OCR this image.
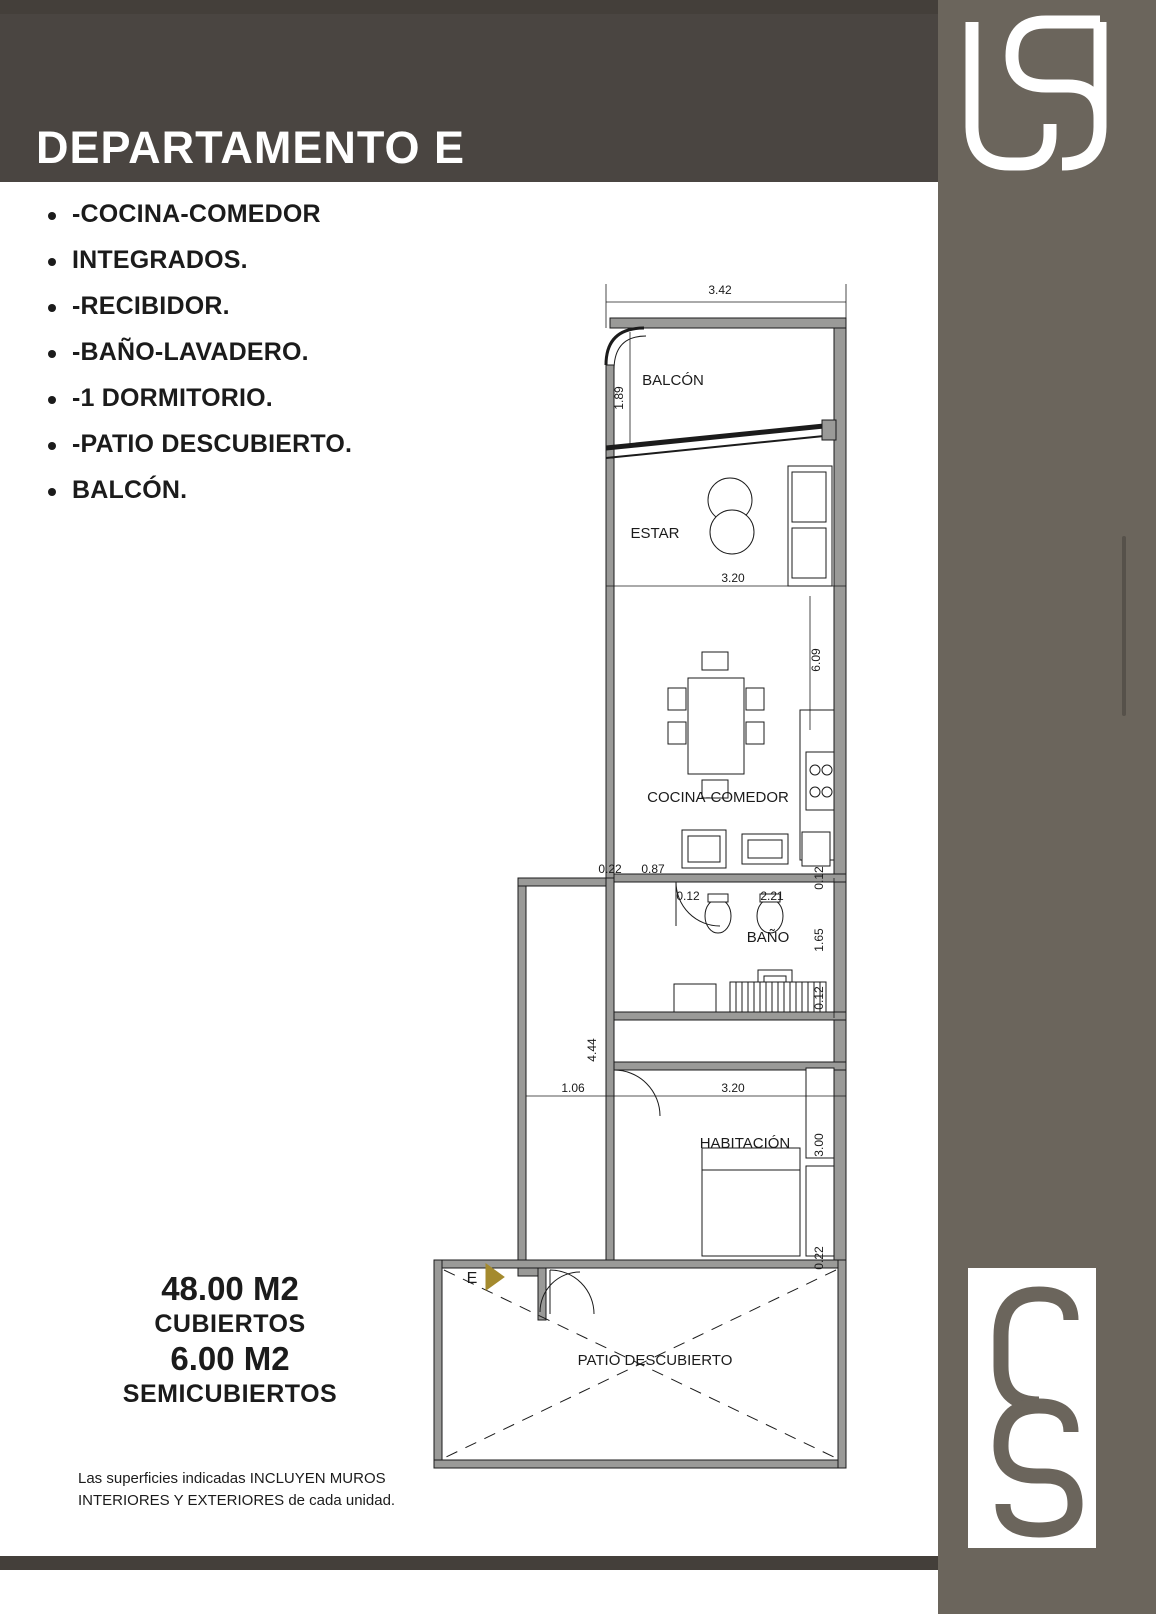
DEPARTAMENTO E
-COCINA-COMEDOR
INTEGRADOS.
-RECIBIDOR.
-BAÑO-LAVADERO.
-1 DORMITORIO.
-PATIO DESCUBIERTO.
BALCÓN.
48.00 M2
CUBIERTOS
6.00 M2
SEMICUBIERTOS
Las superficies indicadas INCLUYEN MUROS
INTERIORES Y EXTERIORES de cada unidad.
BALCÓN
ESTAR
COCINA-COMEDOR
BAÑO
HABITACIÓN
PATIO DESCUBIERTO
3.42
1.89
3.20
6.09
0.22 0.87
0.12	2.21
0.12
1.65
0.12
4.44
1.06	3.20
3.00
0.22
E
